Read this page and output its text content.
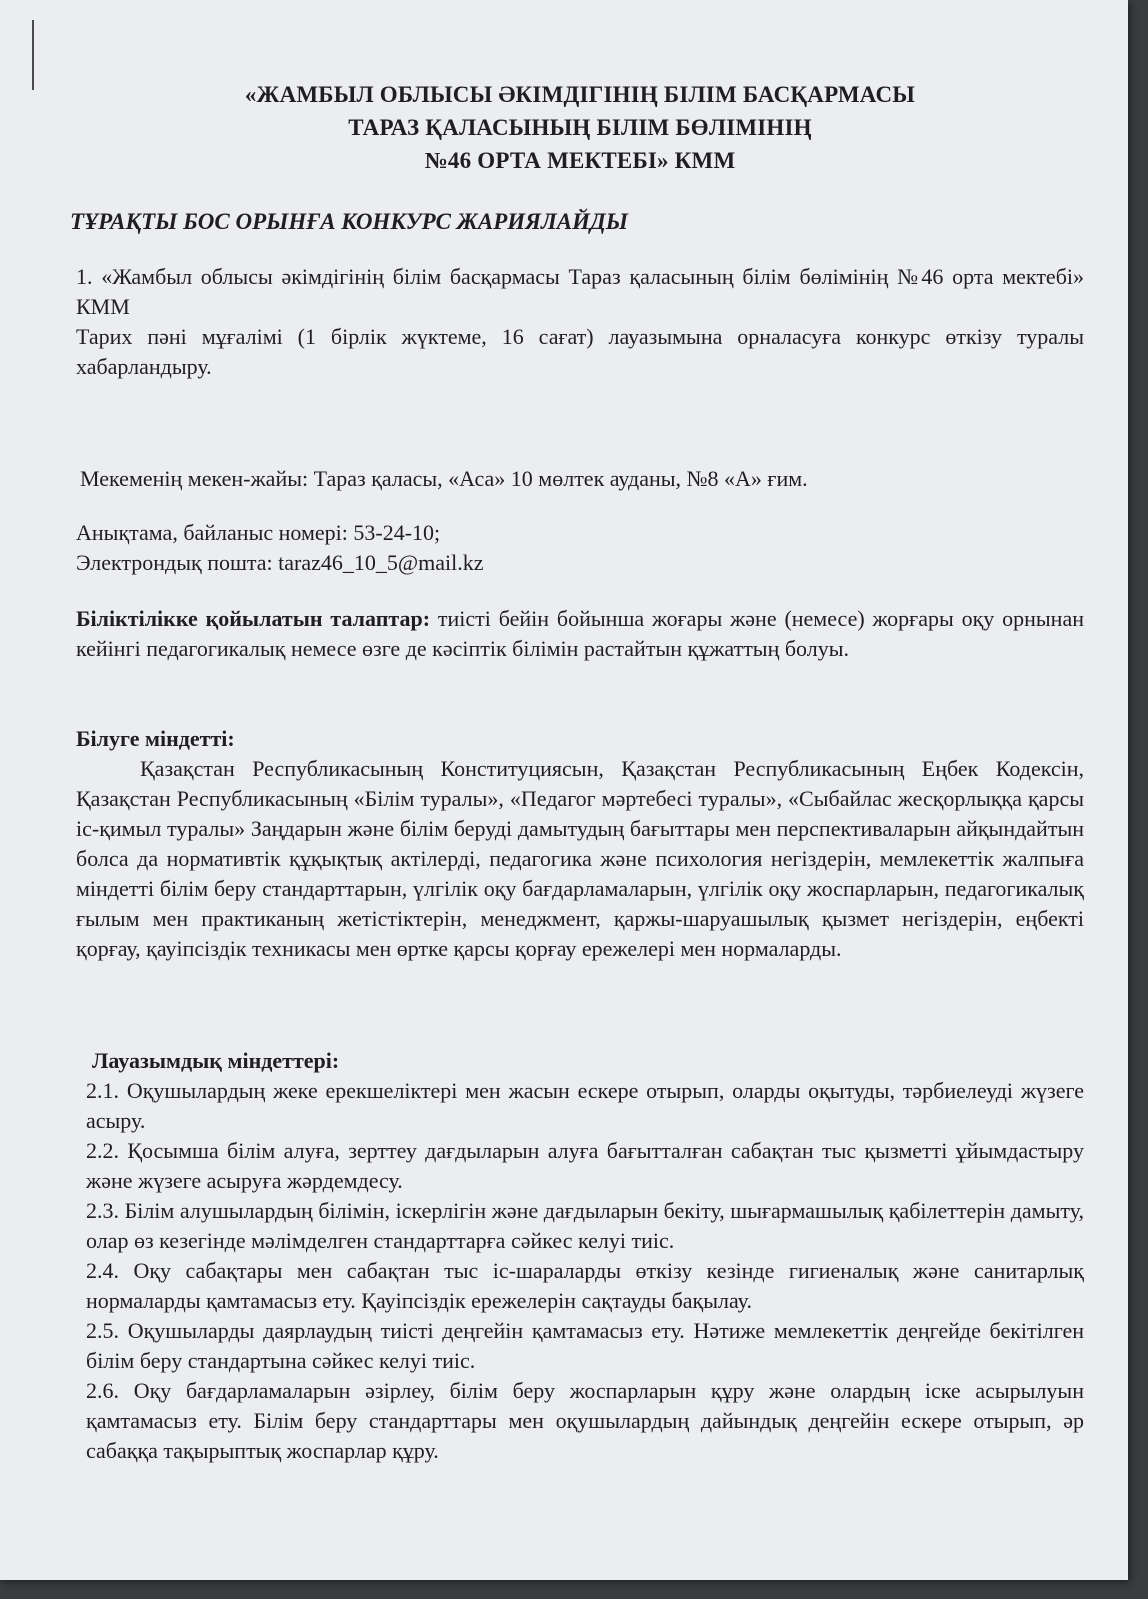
«ЖАМБЫЛ ОБЛЫСЫ ӘКІМДІГІНІҢ БІЛІМ БАСҚАРМАСЫ
ТАРАЗ ҚАЛАСЫНЫҢ БІЛІМ БӨЛІМІНІҢ
№46 ОРТА МЕКТЕБІ» КММ
ТҰРАҚТЫ БОС ОРЫНҒА КОНКУРС ЖАРИЯЛАЙДЫ

1. «Жамбыл облысы әкімдігінің білім басқармасы Тараз қаласының білім бөлімінің №46 орта мектебі» КММ

Тарих пәні мұғалімі (1 бірлік жүктеме, 16 сағат) лауазымына орналасуға конкурс өткізу туралы хабарландыру.

Мекеменің мекен-жайы: Тараз қаласы, «Аса» 10 мөлтек ауданы, №8 «А» ғим.

Анықтама, байланыс номері: 53-24-10;

Электрондық пошта: taraz46_10_5@mail.kz

Біліктілікке қойылатын талаптар: тиісті бейін бойынша жоғары және (немесе) жорғары оқу орнынан кейінгі педагогикалық немесе өзге де кәсіптік білімін растайтын құжаттың болуы.

Білуге міндетті:

Қазақстан Республикасының Конституциясын, Қазақстан Республикасының Еңбек Кодексін, Қазақстан Республикасының «Білім туралы», «Педагог мәртебесі туралы», «Сыбайлас жесқорлыққа қарсы іс-қимыл туралы» Заңдарын және білім беруді дамытудың бағыттары мен перспективаларын айқындайтын болса да нормативтік құқықтық актілерді, педагогика және психология негіздерін, мемлекеттік жалпыға міндетті білім беру стандарттарын, үлгілік оқу бағдарламаларын, үлгілік оқу жоспарларын, педагогикалық ғылым мен практиканың жетістіктерін, менеджмент, қаржы-шаруашылық қызмет негіздерін, еңбекті қорғау, қауіпсіздік техникасы мен өртке қарсы қорғау ережелері мен нормаларды.

Лауазымдық міндеттері:

2.1. Оқушылардың жеке ерекшеліктері мен жасын ескере отырып, оларды оқытуды, тәрбиелеуді жүзеге асыру.

2.2. Қосымша білім алуға, зерттеу дағдыларын алуға бағытталған сабақтан тыс қызметті ұйымдастыру және жүзеге асыруға жәрдемдесу.

2.3. Білім алушылардың білімін, іскерлігін және дағдыларын бекіту, шығармашылық қабілеттерін дамыту, олар өз кезегінде мәлімделген стандарттарға сәйкес келуі тиіс.

2.4. Оқу сабақтары мен сабақтан тыс іс-шараларды өткізу кезінде гигиеналық және санитарлық нормаларды қамтамасыз ету. Қауіпсіздік ережелерін сақтауды бақылау.

2.5. Оқушыларды даярлаудың тиісті деңгейін қамтамасыз ету. Нәтиже мемлекеттік деңгейде бекітілген білім беру стандартына сәйкес келуі тиіс.

2.6. Оқу бағдарламаларын әзірлеу, білім беру жоспарларын құру және олардың іске асырылуын қамтамасыз ету. Білім беру стандарттары мен оқушылардың дайындық деңгейін ескере отырып, әр сабаққа тақырыптық жоспарлар құру.
